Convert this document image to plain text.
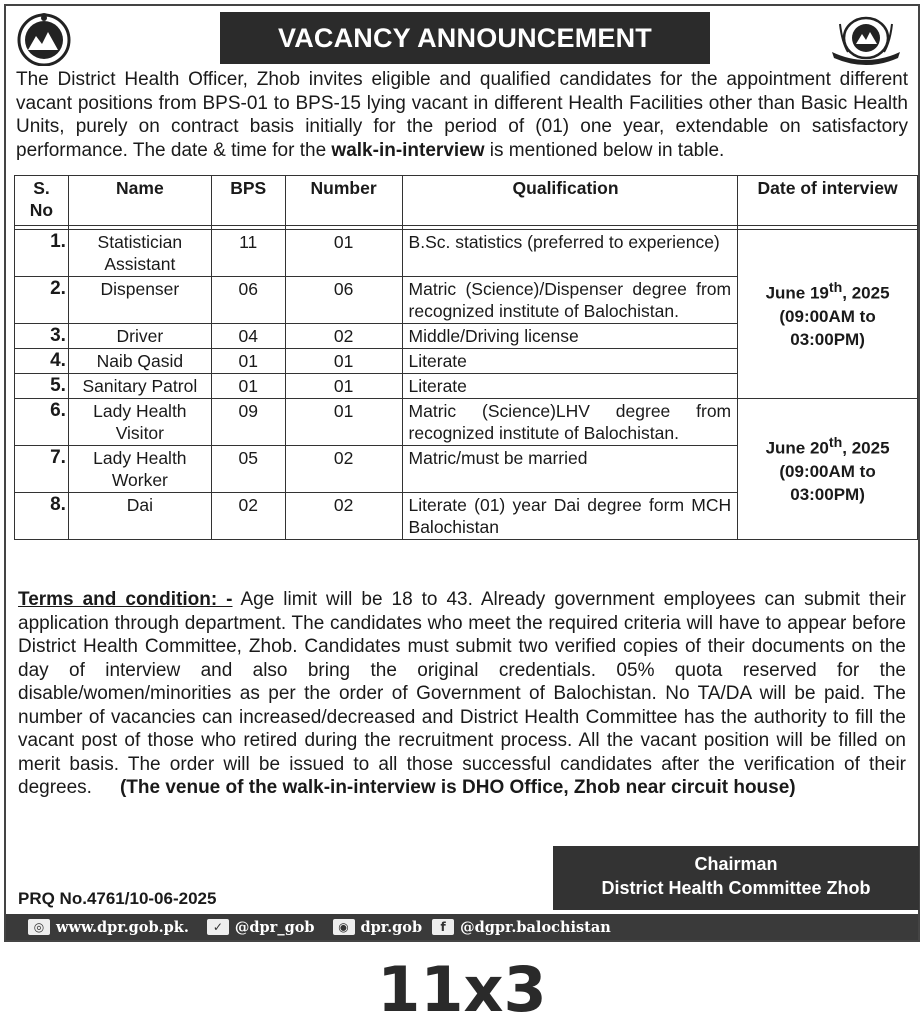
VACANCY ANNOUNCEMENT

The District Health Officer, Zhob invites eligible and qualified candidates for the appointment different vacant positions from BPS-01 to BPS-15 lying vacant in different Health Facilities other than Basic Health Units, purely on contract basis initially for the period of (01) one year, extendable on satisfactory performance. The date & time for the walk-in-interview is mentioned below in table.

S. No	Name	BPS	Number	Qualification	Date of interview

1.	Statistician Assistant	11	01	B.Sc. statistics (preferred to experience)	June 19th, 2025
(09:00AM to 03:00PM)
2.	Dispenser	06	06	Matric (Science)/Dispenser degree from recognized institute of Balochistan.	
3.	Driver	04	02	Middle/Driving license	
4.	Naib Qasid	01	01	Literate	
5.	Sanitary Patrol	01	01	Literate	
6.	Lady Health Visitor	09	01	Matric (Science)LHV degree from recognized institute of Balochistan.	June 20th, 2025
(09:00AM to 03:00PM)
7.	Lady Health Worker	05	02	Matric/must be married	
8.	Dai	02	02	Literate (01) year Dai degree form MCH Balochistan	

Terms and condition: - Age limit will be 18 to 43. Already government employees can submit their application through department. The candidates who meet the required criteria will have to appear before District Health Committee, Zhob. Candidates must submit two verified copies of their documents on the day of interview and also bring the original credentials. 05% quota reserved for the disable/women/minorities as per the order of Government of Balochistan. No TA/DA will be paid. The number of vacancies can increased/decreased and District Health Committee has the authority to fill the vacant post of those who retired during the recruitment process. All the vacant position will be filled on merit basis. The order will be issued to all those successful candidates after the verification of their degrees. (The venue of the walk-in-interview is DHO Office, Zhob near circuit house)

Chairman
District Health Committee Zhob
PRQ No.4761/10-06-2025
◎ www.dpr.gob.pk.	✓ @dpr_gob	◉ dpr.gob	f @dgpr.balochistan
11x3
